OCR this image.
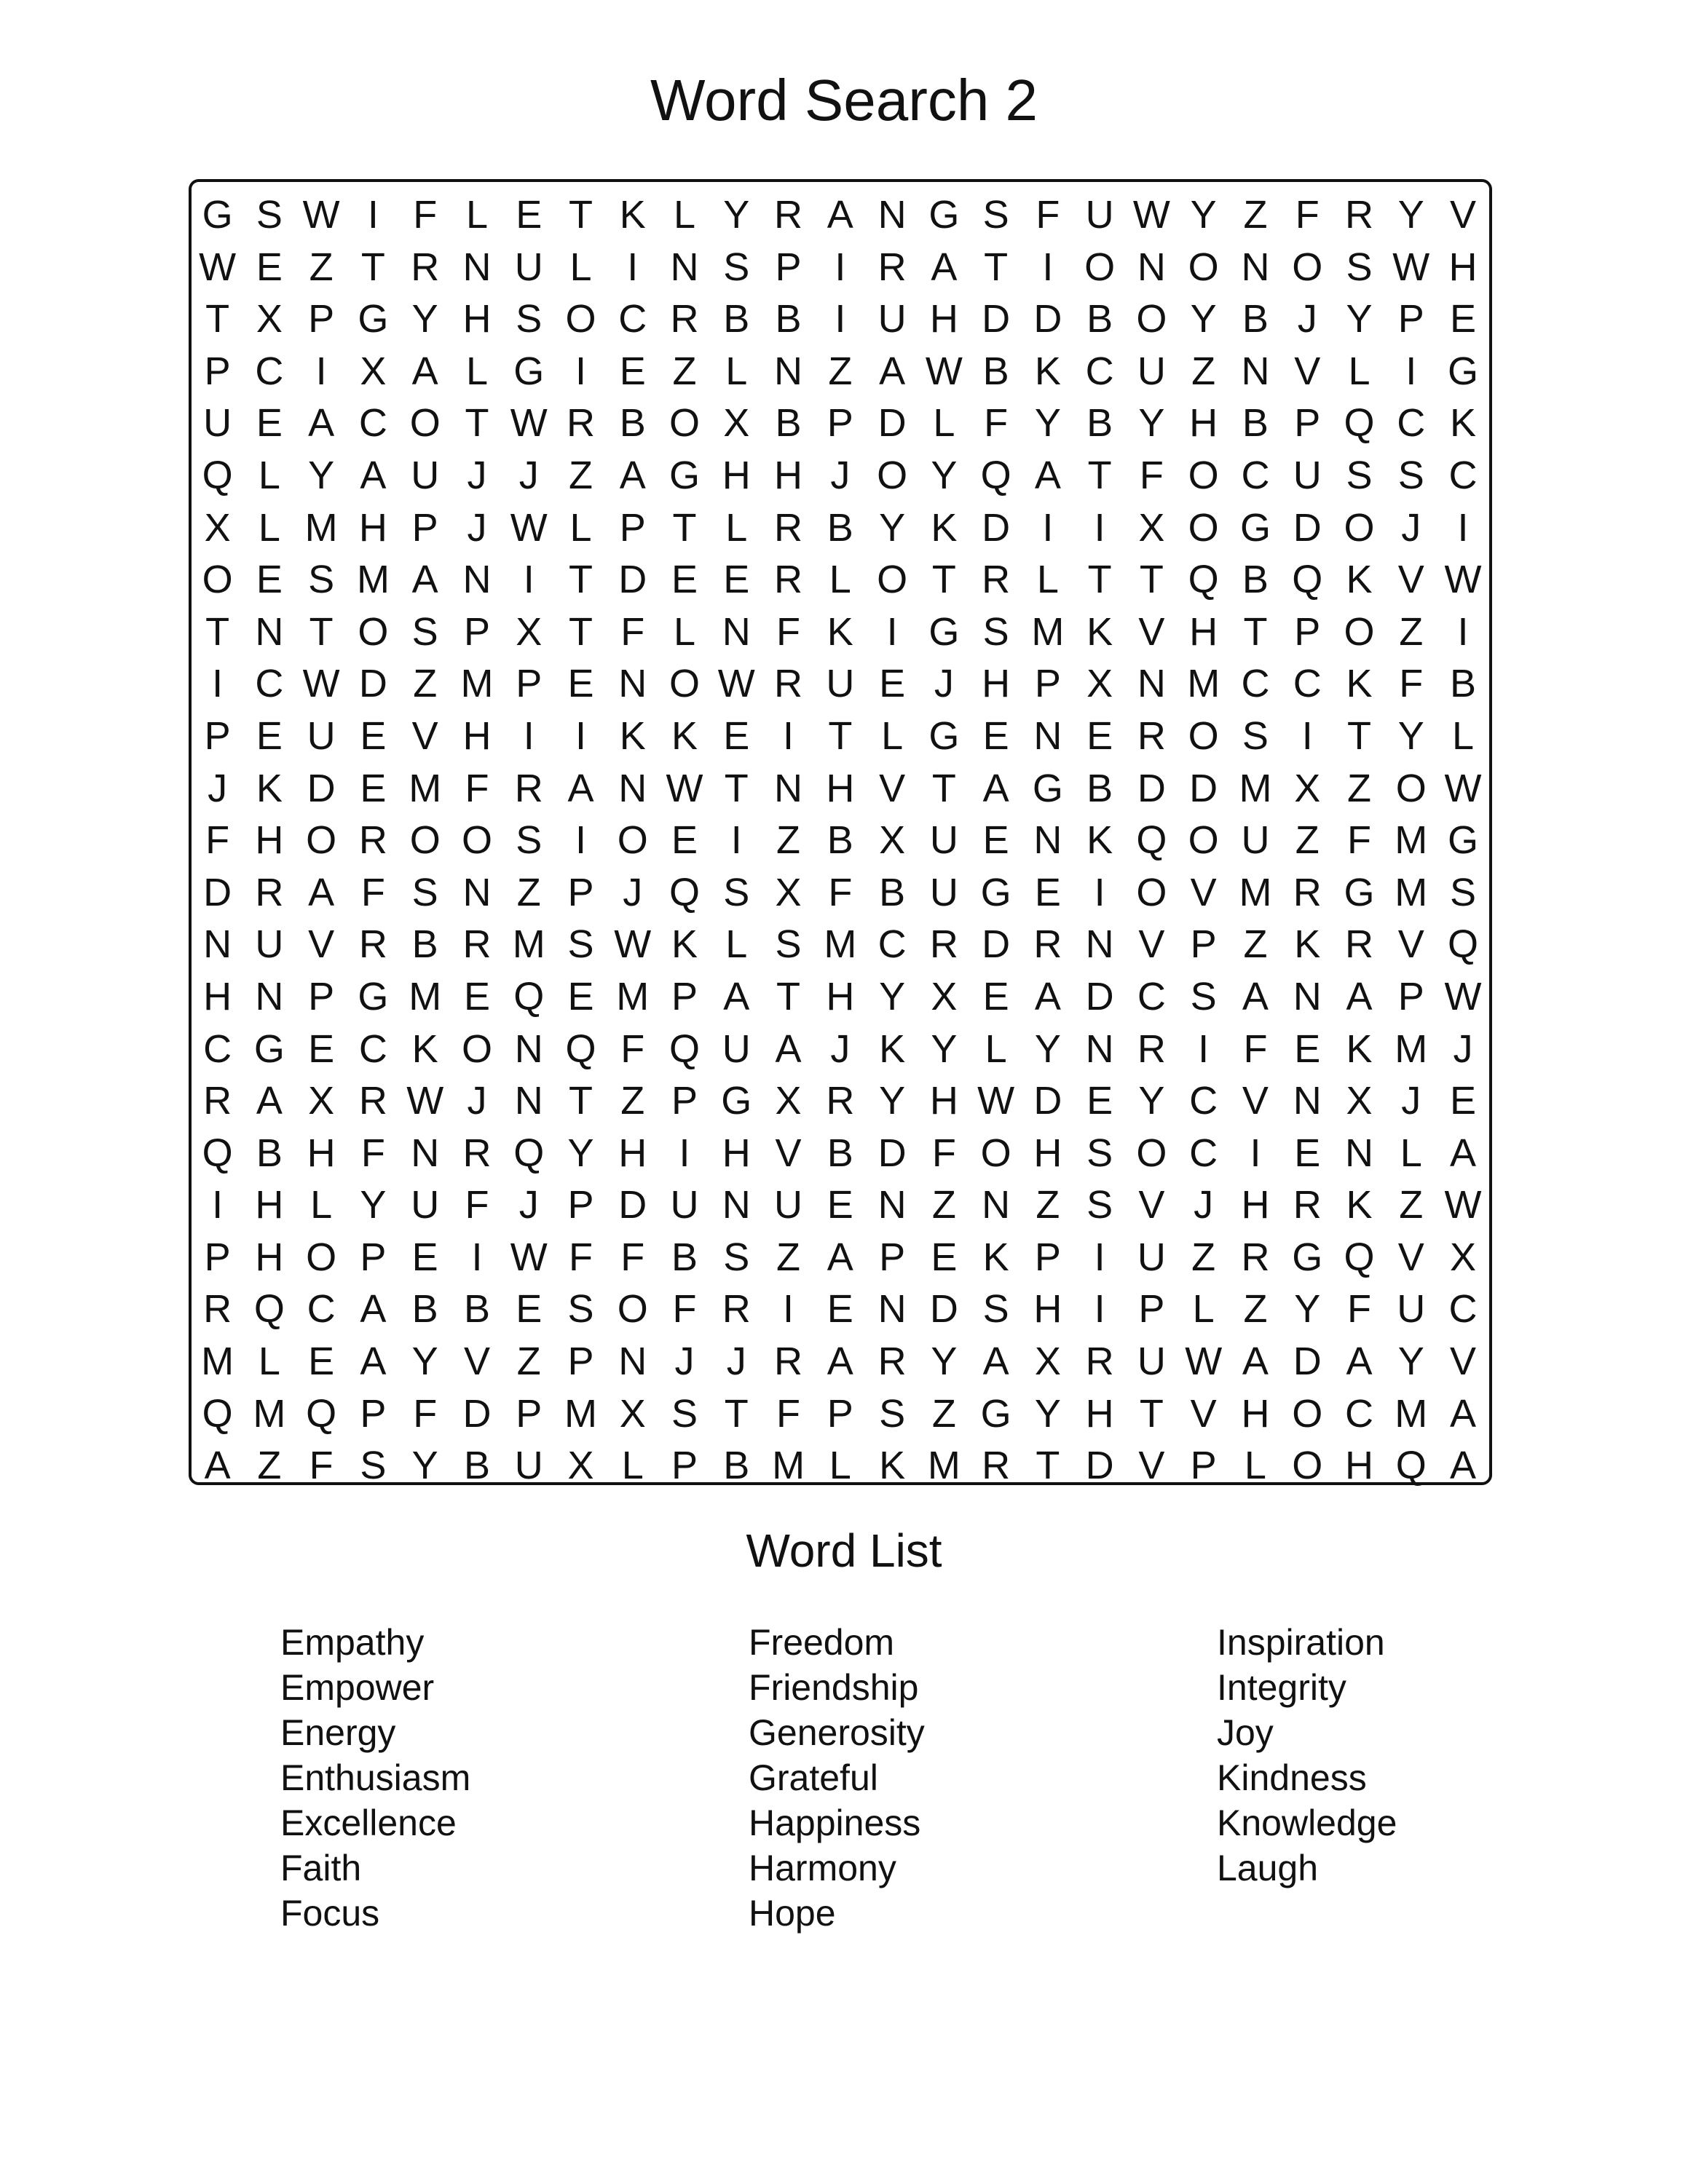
Word Search 2
G S W I F L E T K L Y R A N G S F U W Y Z F R Y V
W E Z T R N U L I N S P I R A T I O N O N O S W H
T X P G Y H S O C R B B I U H D D B O Y B J Y P E
P C I X A L G I E Z L N Z A W B K C U Z N V L I G
U E A C O T W R B O X B P D L F Y B Y H B P Q C K
Q L Y A U J J Z A G H H J O Y Q A T F O C U S S C
X L M H P J W L P T L R B Y K D I	I X O G D O J I
O E S M A N I T D E E R L O T R L T T Q B Q K V W
T N T O S P X T F L N F K I G S M K V H T P O Z I
I C W D Z M P E N O W R U E J H P X N M C C K F B
P E U E V H I	I K K E I T L G E N E R O S I T Y L
J K D E M F R A N W T N H V T A G B D D M X Z O W
F H O R O O S I O E I Z B X U E N K Q O U Z F M G
D R A F S N Z P J Q S X F B U G E I O V M R G M S
N U V R B R M S W K L S M C R D R N V P Z K R V Q
H N P G M E Q E M P A T H Y X E A D C S A N A P W
C G E C K O N Q F Q U A J K Y L Y N R I F E K M J
R A X R W J N T Z P G X R Y H W D E Y C V N X J E
Q B H F N R Q Y H I H V B D F O H S O C I E N L A
I H L Y U F J P D U N U E N Z N Z S V J H R K Z W
P H O P E I W F F B S Z A P E K P I U Z R G Q V X
R Q C A B B E S O F R I E N D S H I P L Z Y F U C
M L E A Y V Z P N J J R A R Y A X R U W A D A Y V
Q M Q P F D P M X S T F P S Z G Y H T V H O C M A
A Z F S Y B U X L P B M L K M R T D V P L O H Q A
Word List
Empathy
Empower
Energy
Enthusiasm
Excellence
Faith
Focus
Freedom
Friendship
Generosity
Grateful
Happiness
Harmony
Hope
Inspiration
Integrity
Joy
Kindness
Knowledge
Laugh
